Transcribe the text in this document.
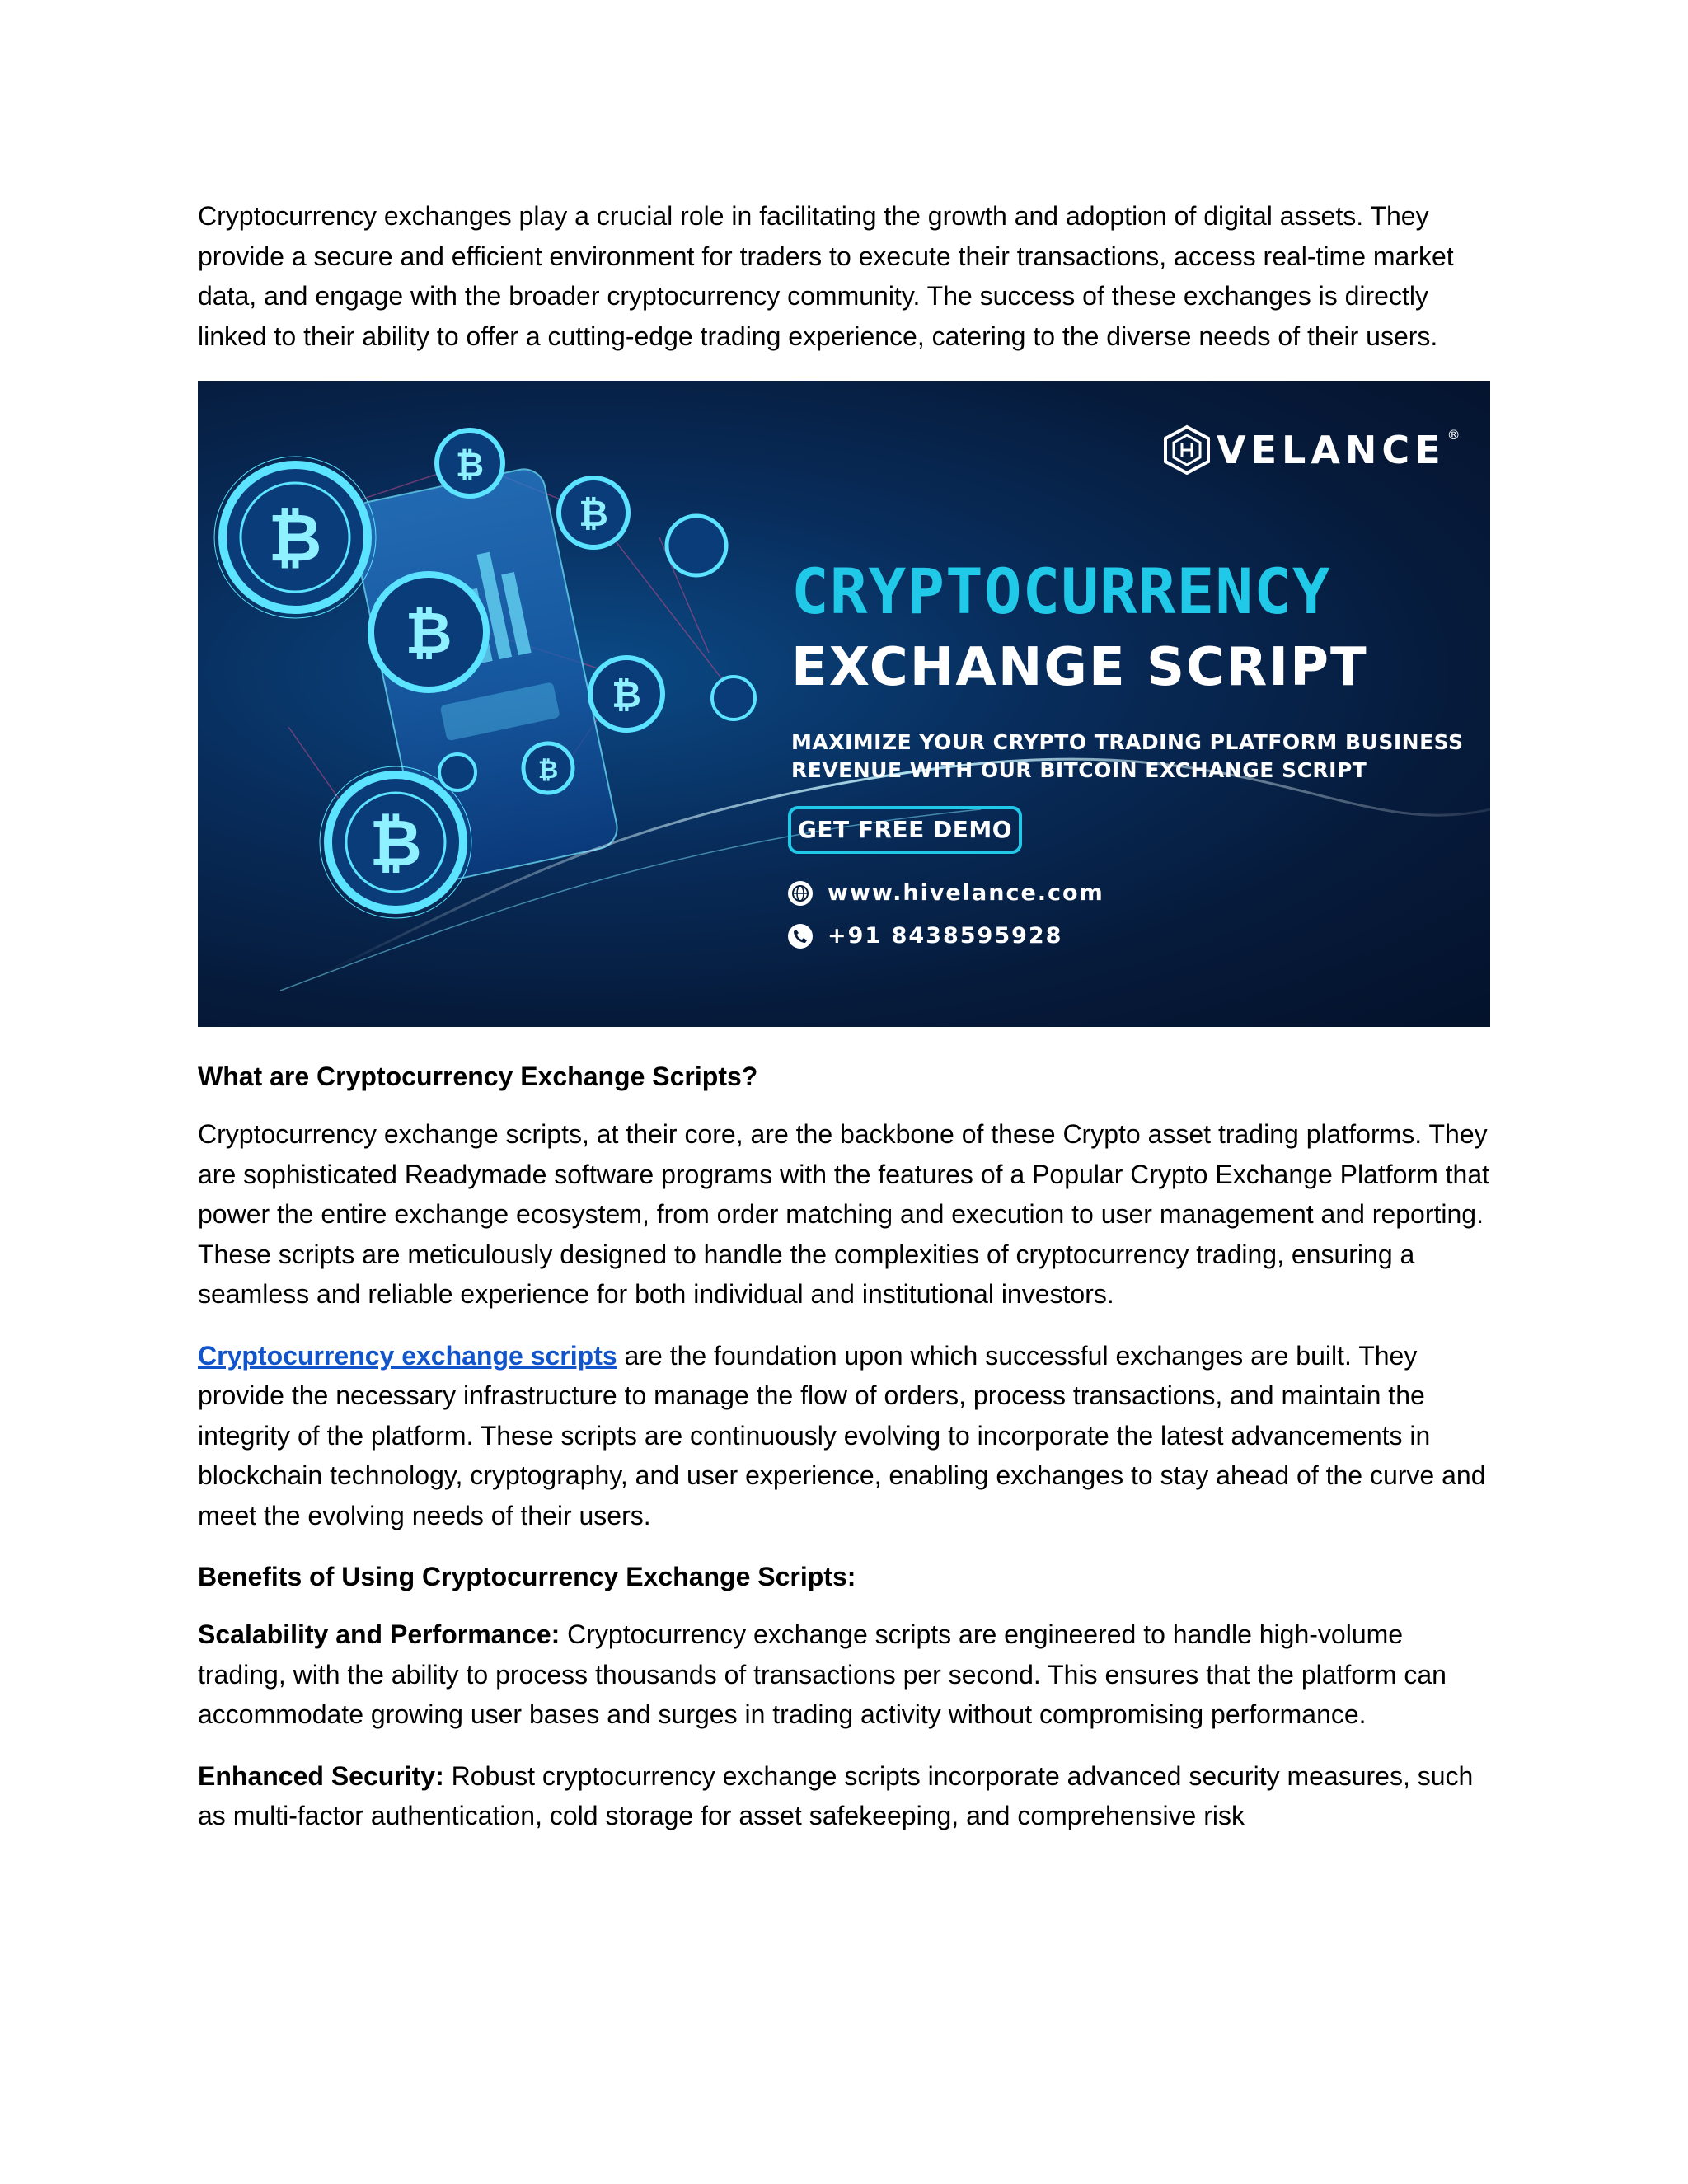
Cryptocurrency exchanges play a crucial role in facilitating the growth and adoption of digital assets. They provide a secure and efficient environment for traders to execute their transactions, access real-time market data, and engage with the broader cryptocurrency community. The success of these exchanges is directly linked to their ability to offer a cutting-edge trading experience, catering to the diverse needs of their users.

₿
₿
₿
₿
₿
₿
₿
VELANCE ®
CRYPTOCURRENCY
EXCHANGE SCRIPT
MAXIMIZE YOUR CRYPTO TRADING PLATFORM BUSINESS REVENUE WITH OUR BITCOIN EXCHANGE SCRIPT
GET FREE DEMO
www.hivelance.com
+91 8438595928
What are Cryptocurrency Exchange Scripts?

Cryptocurrency exchange scripts, at their core, are the backbone of these Crypto asset trading platforms. They are sophisticated Readymade software programs with the features of a Popular Crypto Exchange Platform that power the entire exchange ecosystem, from order matching and execution to user management and reporting. These scripts are meticulously designed to handle the complexities of cryptocurrency trading, ensuring a seamless and reliable experience for both individual and institutional investors.

Cryptocurrency exchange scripts are the foundation upon which successful exchanges are built. They provide the necessary infrastructure to manage the flow of orders, process transactions, and maintain the integrity of the platform. These scripts are continuously evolving to incorporate the latest advancements in blockchain technology, cryptography, and user experience, enabling exchanges to stay ahead of the curve and meet the evolving needs of their users.

Benefits of Using Cryptocurrency Exchange Scripts:

Scalability and Performance: Cryptocurrency exchange scripts are engineered to handle high-volume trading, with the ability to process thousands of transactions per second. This ensures that the platform can accommodate growing user bases and surges in trading activity without compromising performance.

Enhanced Security: Robust cryptocurrency exchange scripts incorporate advanced security measures, such as multi-factor authentication, cold storage for asset safekeeping, and comprehensive risk
